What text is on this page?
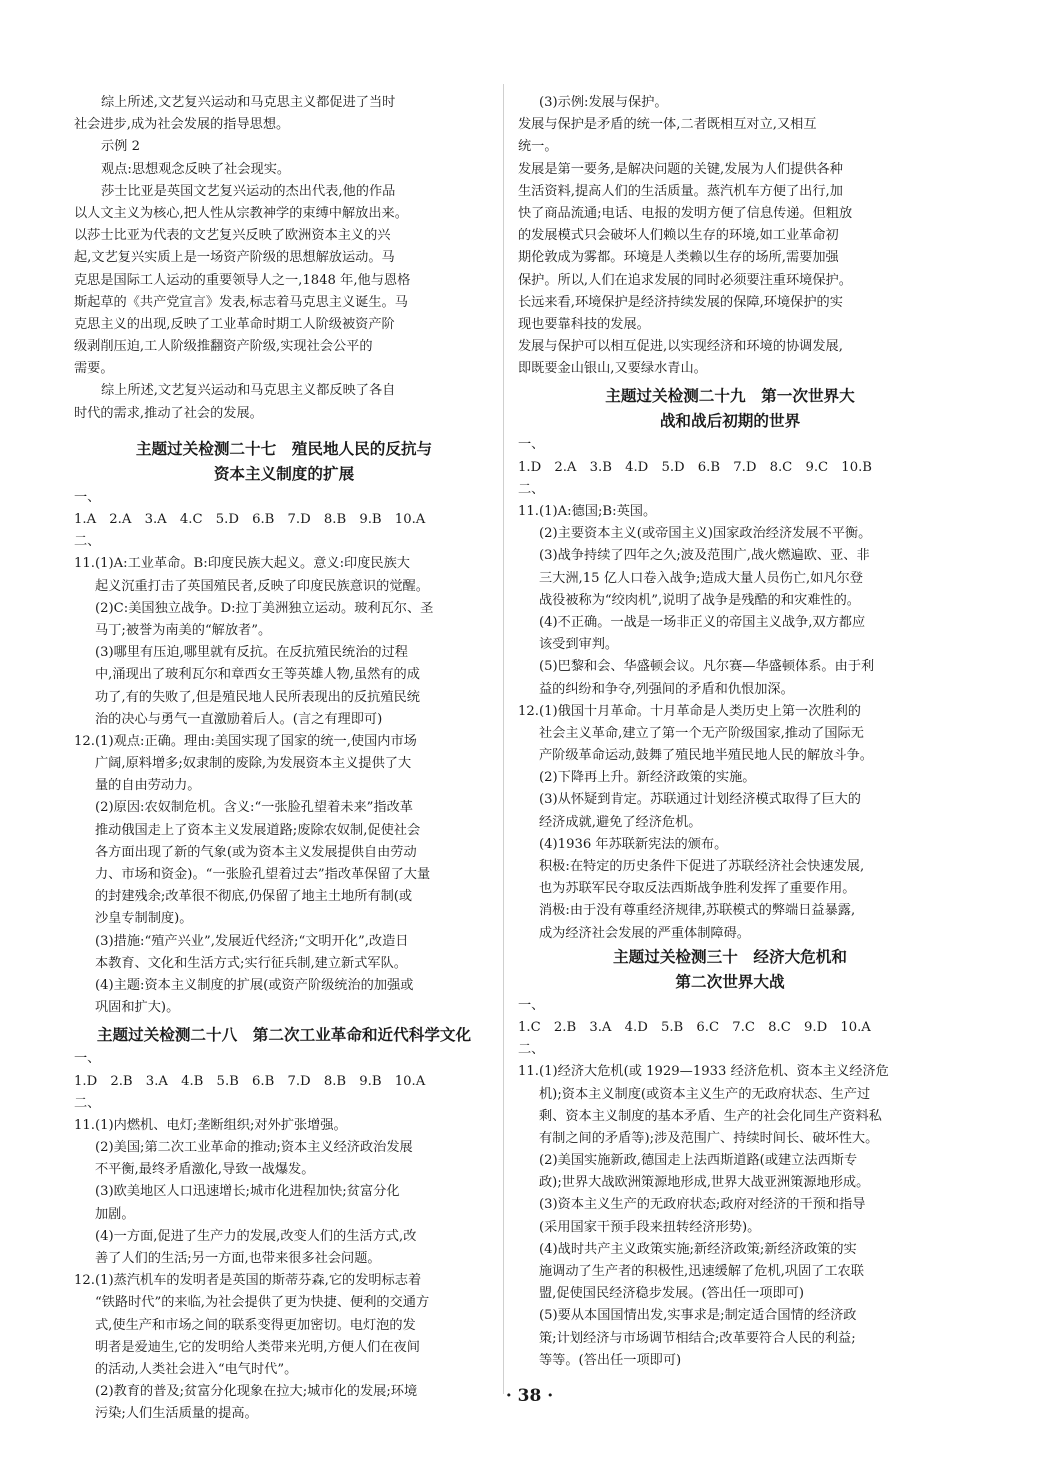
综上所述,文艺复兴运动和马克思主义都促进了当时
社会进步,成为社会发展的指导思想。
示例 2
观点:思想观念反映了社会现实。
莎士比亚是英国文艺复兴运动的杰出代表,他的作品
以人文主义为核心,把人性从宗教神学的束缚中解放出来。
以莎士比亚为代表的文艺复兴反映了欧洲资本主义的兴
起,文艺复兴实质上是一场资产阶级的思想解放运动。马
克思是国际工人运动的重要领导人之一,1848 年,他与恩格
斯起草的《共产党宣言》发表,标志着马克思主义诞生。马
克思主义的出现,反映了工业革命时期工人阶级被资产阶
级剥削压迫,工人阶级推翻资产阶级,实现社会公平的
需要。
综上所述,文艺复兴运动和马克思主义都反映了各自
时代的需求,推动了社会的发展。
主题过关检测二十七　殖民地人民的反抗与
资本主义制度的扩展
一、
1.A　2.A　3.A　4.C　5.D　6.B　7.D　8.B　9.B　10.A
二、
11.(1)A:工业革命。B:印度民族大起义。意义:印度民族大
起义沉重打击了英国殖民者,反映了印度民族意识的觉醒。
(2)C:美国独立战争。D:拉丁美洲独立运动。玻利瓦尔、圣
马丁;被誉为南美的“解放者”。
(3)哪里有压迫,哪里就有反抗。在反抗殖民统治的过程
中,涌现出了玻利瓦尔和章西女王等英雄人物,虽然有的成
功了,有的失败了,但是殖民地人民所表现出的反抗殖民统
治的决心与勇气一直激励着后人。(言之有理即可)
12.(1)观点:正确。理由:美国实现了国家的统一,使国内市场
广阔,原料增多;奴隶制的废除,为发展资本主义提供了大
量的自由劳动力。
(2)原因:农奴制危机。含义:“一张脸孔望着未来”指改革
推动俄国走上了资本主义发展道路;废除农奴制,促使社会
各方面出现了新的气象(或为资本主义发展提供自由劳动
力、市场和资金)。“一张脸孔望着过去”指改革保留了大量
的封建残余;改革很不彻底,仍保留了地主土地所有制(或
沙皇专制制度)。
(3)措施:“殖产兴业”,发展近代经济;“文明开化”,改造日
本教育、文化和生活方式;实行征兵制,建立新式军队。
(4)主题:资本主义制度的扩展(或资产阶级统治的加强或
巩固和扩大)。
主题过关检测二十八　第二次工业革命和近代科学文化
一、
1.D　2.B　3.A　4.B　5.B　6.B　7.D　8.B　9.B　10.A
二、
11.(1)内燃机、电灯;垄断组织;对外扩张增强。
(2)美国;第二次工业革命的推动;资本主义经济政治发展
不平衡,最终矛盾激化,导致一战爆发。
(3)欧美地区人口迅速增长;城市化进程加快;贫富分化
加剧。
(4)一方面,促进了生产力的发展,改变人们的生活方式,改
善了人们的生活;另一方面,也带来很多社会问题。
12.(1)蒸汽机车的发明者是英国的斯蒂芬森,它的发明标志着
“铁路时代”的来临,为社会提供了更为快捷、便利的交通方
式,使生产和市场之间的联系变得更加密切。电灯泡的发
明者是爱迪生,它的发明给人类带来光明,方便人们在夜间
的活动,人类社会进入“电气时代”。
(2)教育的普及;贫富分化现象在拉大;城市化的发展;环境
污染;人们生活质量的提高。
(3)示例:发展与保护。
发展与保护是矛盾的统一体,二者既相互对立,又相互
统一。
发展是第一要务,是解决问题的关键,发展为人们提供各种
生活资料,提高人们的生活质量。蒸汽机车方便了出行,加
快了商品流通;电话、电报的发明方便了信息传递。但粗放
的发展模式只会破坏人们赖以生存的环境,如工业革命初
期伦敦成为雾都。环境是人类赖以生存的场所,需要加强
保护。所以,人们在追求发展的同时必须要注重环境保护。
长远来看,环境保护是经济持续发展的保障,环境保护的实
现也要靠科技的发展。
发展与保护可以相互促进,以实现经济和环境的协调发展,
即既要金山银山,又要绿水青山。
主题过关检测二十九　第一次世界大
战和战后初期的世界
一、
1.D　2.A　3.B　4.D　5.D　6.B　7.D　8.C　9.C　10.B
二、
11.(1)A:德国;B:英国。
(2)主要资本主义(或帝国主义)国家政治经济发展不平衡。
(3)战争持续了四年之久;波及范围广,战火燃遍欧、亚、非
三大洲,15 亿人口卷入战争;造成大量人员伤亡,如凡尔登
战役被称为“绞肉机”,说明了战争是残酷的和灾难性的。
(4)不正确。一战是一场非正义的帝国主义战争,双方都应
该受到审判。
(5)巴黎和会、华盛顿会议。凡尔赛—华盛顿体系。由于利
益的纠纷和争夺,列强间的矛盾和仇恨加深。
12.(1)俄国十月革命。十月革命是人类历史上第一次胜利的
社会主义革命,建立了第一个无产阶级国家,推动了国际无
产阶级革命运动,鼓舞了殖民地半殖民地人民的解放斗争。
(2)下降再上升。新经济政策的实施。
(3)从怀疑到肯定。苏联通过计划经济模式取得了巨大的
经济成就,避免了经济危机。
(4)1936 年苏联新宪法的颁布。
积极:在特定的历史条件下促进了苏联经济社会快速发展,
也为苏联军民夺取反法西斯战争胜利发挥了重要作用。
消极:由于没有尊重经济规律,苏联模式的弊端日益暴露,
成为经济社会发展的严重体制障碍。
主题过关检测三十　经济大危机和
第二次世界大战
一、
1.C　2.B　3.A　4.D　5.B　6.C　7.C　8.C　9.D　10.A
二、
11.(1)经济大危机(或 1929—1933 经济危机、资本主义经济危
机);资本主义制度(或资本主义生产的无政府状态、生产过
剩、资本主义制度的基本矛盾、生产的社会化同生产资料私
有制之间的矛盾等);涉及范围广、持续时间长、破坏性大。
(2)美国实施新政,德国走上法西斯道路(或建立法西斯专
政);世界大战欧洲策源地形成,世界大战亚洲策源地形成。
(3)资本主义生产的无政府状态;政府对经济的干预和指导
(采用国家干预手段来扭转经济形势)。
(4)战时共产主义政策实施;新经济政策;新经济政策的实
施调动了生产者的积极性,迅速缓解了危机,巩固了工农联
盟,促使国民经济稳步发展。(答出任一项即可)
(5)要从本国国情出发,实事求是;制定适合国情的经济政
策;计划经济与市场调节相结合;改革要符合人民的利益;
等等。(答出任一项即可)
· 38 ·
